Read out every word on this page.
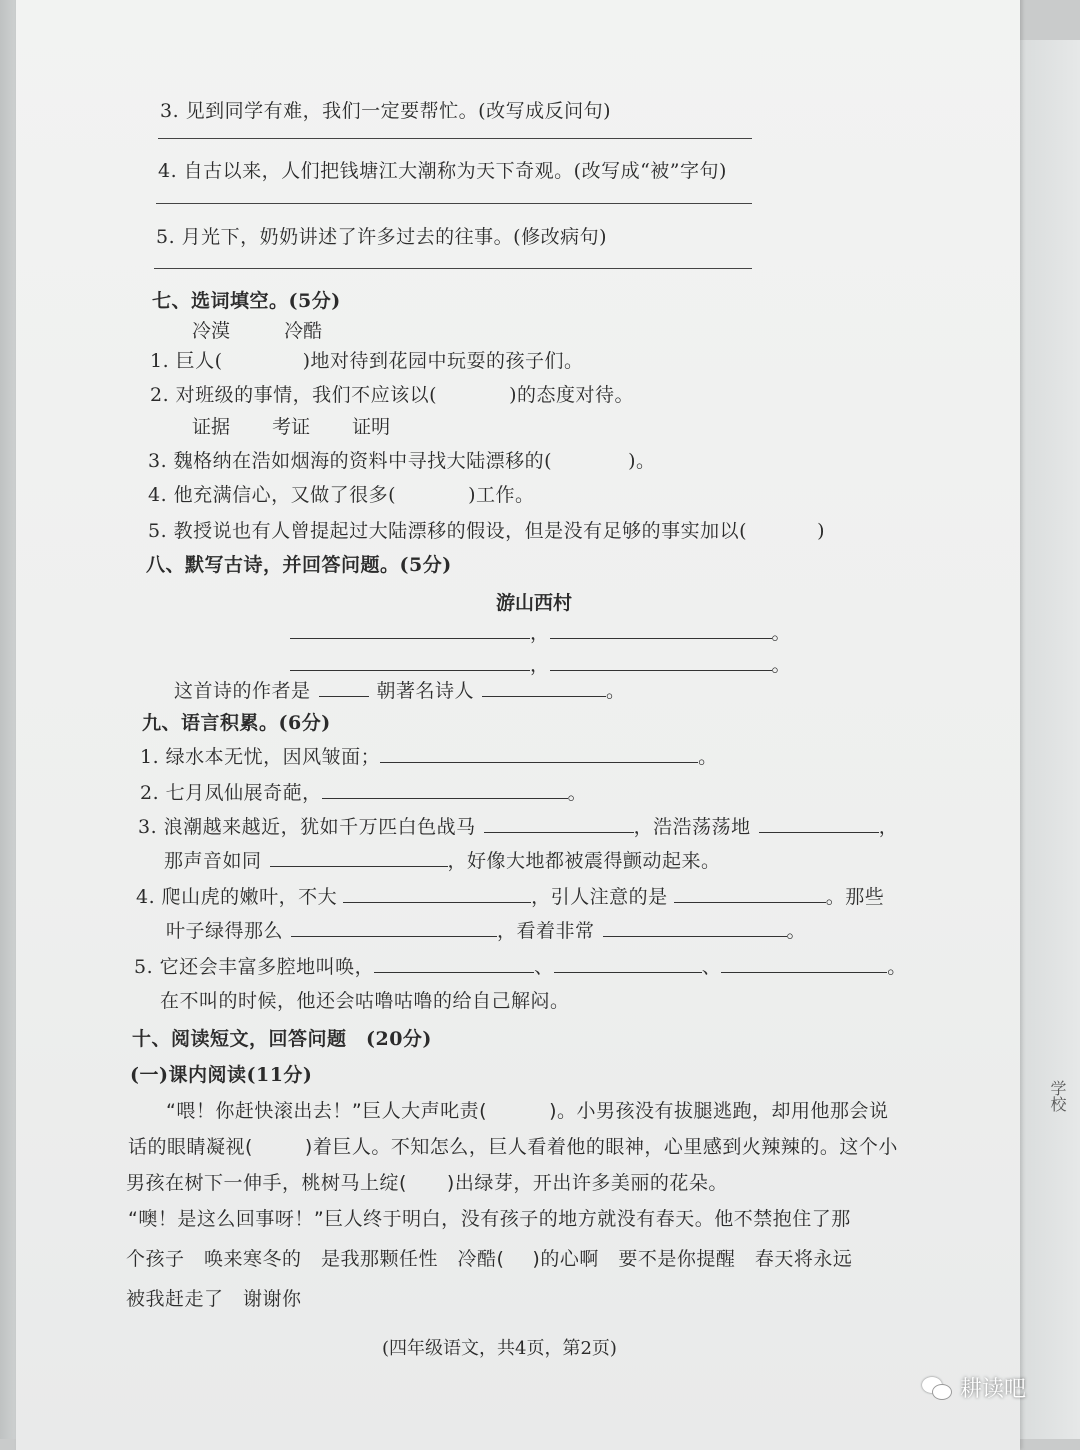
学校
3. 见到同学有难，我们一定要帮忙。(改写成反问句)
4. 自古以来，人们把钱塘江大潮称为天下奇观。(改写成“被”字句)
5. 月光下，奶奶讲述了许多过去的往事。(修改病句)
七、选词填空。(5分)
冷漠	冷酷
1. 巨人(	)地对待到花园中玩耍的孩子们。
2. 对班级的事情，我们不应该以(	)的态度对待。
证据 考证 证明
3. 魏格纳在浩如烟海的资料中寻找大陆漂移的(	)。
4. 他充满信心，又做了很多(	)工作。
5. 教授说也有人曾提起过大陆漂移的假设，但是没有足够的事实加以(	)
八、默写古诗，并回答问题。(5分)
游山西村
，	。
，	。
这首诗的作者是	朝著名诗人	。
九、语言积累。(6分)
1. 绿水本无忧，因风皱面；	。
2. 七月凤仙展奇葩，	。
3. 浪潮越来越近，犹如千万匹白色战马	，浩浩荡荡地	，
那声音如同	，好像大地都被震得颤动起来。
4. 爬山虎的嫩叶，不大	，引人注意的是	。那些
叶子绿得那么	，看着非常	。
5. 它还会丰富多腔地叫唤，	、	、	。
在不叫的时候，他还会咕噜咕噜的给自己解闷。
十、阅读短文，回答问题　(20分)
(一)课内阅读(11分)
“喂！你赶快滚出去！”巨人大声叱责(	)。小男孩没有拔腿逃跑，却用他那会说
话的眼睛凝视(	)着巨人。不知怎么，巨人看着他的眼神，心里感到火辣辣的。这个小
男孩在树下一伸手，桃树马上绽( )出绿芽，开出许多美丽的花朵。
“噢！是这么回事呀！”巨人终于明白，没有孩子的地方就没有春天。他不禁抱住了那
个孩子　唤来寒冬的　是我那颗任性　冷酷( )的心啊　要不是你提醒　春天将永远
被我赶走了　谢谢你
(四年级语文，共4页，第2页)
耕读吧
